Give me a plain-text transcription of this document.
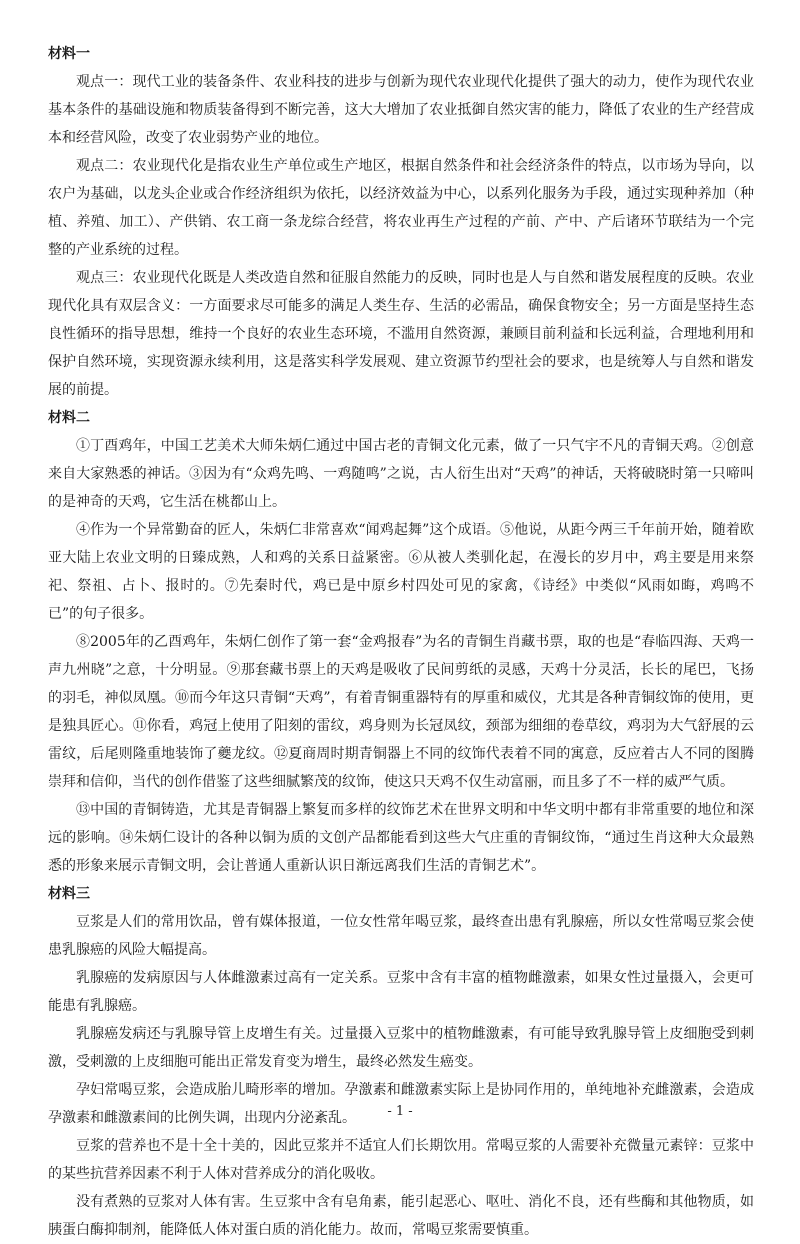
材料一

观点一：现代工业的装备条件、农业科技的进步与创新为现代农业现代化提供了强大的动力，使作为现代农业基本条件的基础设施和物质装备得到不断完善，这大大增加了农业抵御自然灾害的能力，降低了农业的生产经营成本和经营风险，改变了农业弱势产业的地位。

观点二：农业现代化是指农业生产单位或生产地区，根据自然条件和社会经济条件的特点，以市场为导向，以农户为基础，以龙头企业或合作经济组织为依托，以经济效益为中心，以系列化服务为手段，通过实现种养加（种植、养殖、加工）、产供销、农工商一条龙综合经营，将农业再生产过程的产前、产中、产后诸环节联结为一个完整的产业系统的过程。

观点三：农业现代化既是人类改造自然和征服自然能力的反映，同时也是人与自然和谐发展程度的反映。农业现代化具有双层含义：一方面要求尽可能多的满足人类生存、生活的必需品，确保食物安全；另一方面是坚持生态良性循环的指导思想，维持一个良好的农业生态环境，不滥用自然资源，兼顾目前利益和长远利益，合理地利用和保护自然环境，实现资源永续利用，这是落实科学发展观、建立资源节约型社会的要求，也是统筹人与自然和谐发展的前提。

材料二

①丁酉鸡年，中国工艺美术大师朱炳仁通过中国古老的青铜文化元素，做了一只气宇不凡的青铜天鸡。②创意来自大家熟悉的神话。③因为有“众鸡先鸣、一鸡随鸣”之说，古人衍生出对“天鸡”的神话，天将破晓时第一只啼叫的是神奇的天鸡，它生活在桃都山上。

④作为一个异常勤奋的匠人，朱炳仁非常喜欢“闻鸡起舞”这个成语。⑤他说，从距今两三千年前开始，随着欧亚大陆上农业文明的日臻成熟，人和鸡的关系日益紧密。⑥从被人类驯化起，在漫长的岁月中，鸡主要是用来祭祀、祭祖、占卜、报时的。⑦先秦时代，鸡已是中原乡村四处可见的家禽，《诗经》中类似“风雨如晦，鸡鸣不已”的句子很多。

⑧2005年的乙酉鸡年，朱炳仁创作了第一套“金鸡报春”为名的青铜生肖藏书票，取的也是“春临四海、天鸡一声九州晓”之意，十分明显。⑨那套藏书票上的天鸡是吸收了民间剪纸的灵感，天鸡十分灵活，长长的尾巴，飞扬的羽毛，神似凤凰。⑩而今年这只青铜“天鸡”，有着青铜重器特有的厚重和威仪，尤其是各种青铜纹饰的使用，更是独具匠心。⑪你看，鸡冠上使用了阳刻的雷纹，鸡身则为长冠凤纹，颈部为细细的卷草纹，鸡羽为大气舒展的云雷纹，后尾则隆重地装饰了夔龙纹。⑫夏商周时期青铜器上不同的纹饰代表着不同的寓意，反应着古人不同的图腾崇拜和信仰，当代的创作借鉴了这些细腻繁茂的纹饰，使这只天鸡不仅生动富丽，而且多了不一样的威严气质。

⑬中国的青铜铸造，尤其是青铜器上繁复而多样的纹饰艺术在世界文明和中华文明中都有非常重要的地位和深远的影响。⑭朱炳仁设计的各种以铜为质的文创产品都能看到这些大气庄重的青铜纹饰，“通过生肖这种大众最熟悉的形象来展示青铜文明，会让普通人重新认识日渐远离我们生活的青铜艺术”。

材料三

豆浆是人们的常用饮品，曾有媒体报道，一位女性常年喝豆浆，最终查出患有乳腺癌，所以女性常喝豆浆会使患乳腺癌的风险大幅提高。

乳腺癌的发病原因与人体雌激素过高有一定关系。豆浆中含有丰富的植物雌激素，如果女性过量摄入，会更可能患有乳腺癌。

乳腺癌发病还与乳腺导管上皮增生有关。过量摄入豆浆中的植物雌激素，有可能导致乳腺导管上皮细胞受到刺激，受刺激的上皮细胞可能出正常发育变为增生，最终必然发生癌变。

孕妇常喝豆浆，会造成胎儿畸形率的增加。孕激素和雌激素实际上是协同作用的，单纯地补充雌激素，会造成孕激素和雌激素间的比例失调，出现内分泌紊乱。

豆浆的营养也不是十全十美的，因此豆浆并不适宜人们长期饮用。常喝豆浆的人需要补充微量元素锌：豆浆中的某些抗营养因素不利于人体对营养成分的消化吸收。

没有煮熟的豆浆对人体有害。生豆浆中含有皂角素，能引起恶心、呕吐、消化不良，还有些酶和其他物质，如胰蛋白酶抑制剂，能降低人体对蛋白质的消化能力。故而，常喝豆浆需要慎重。

- 1 -
